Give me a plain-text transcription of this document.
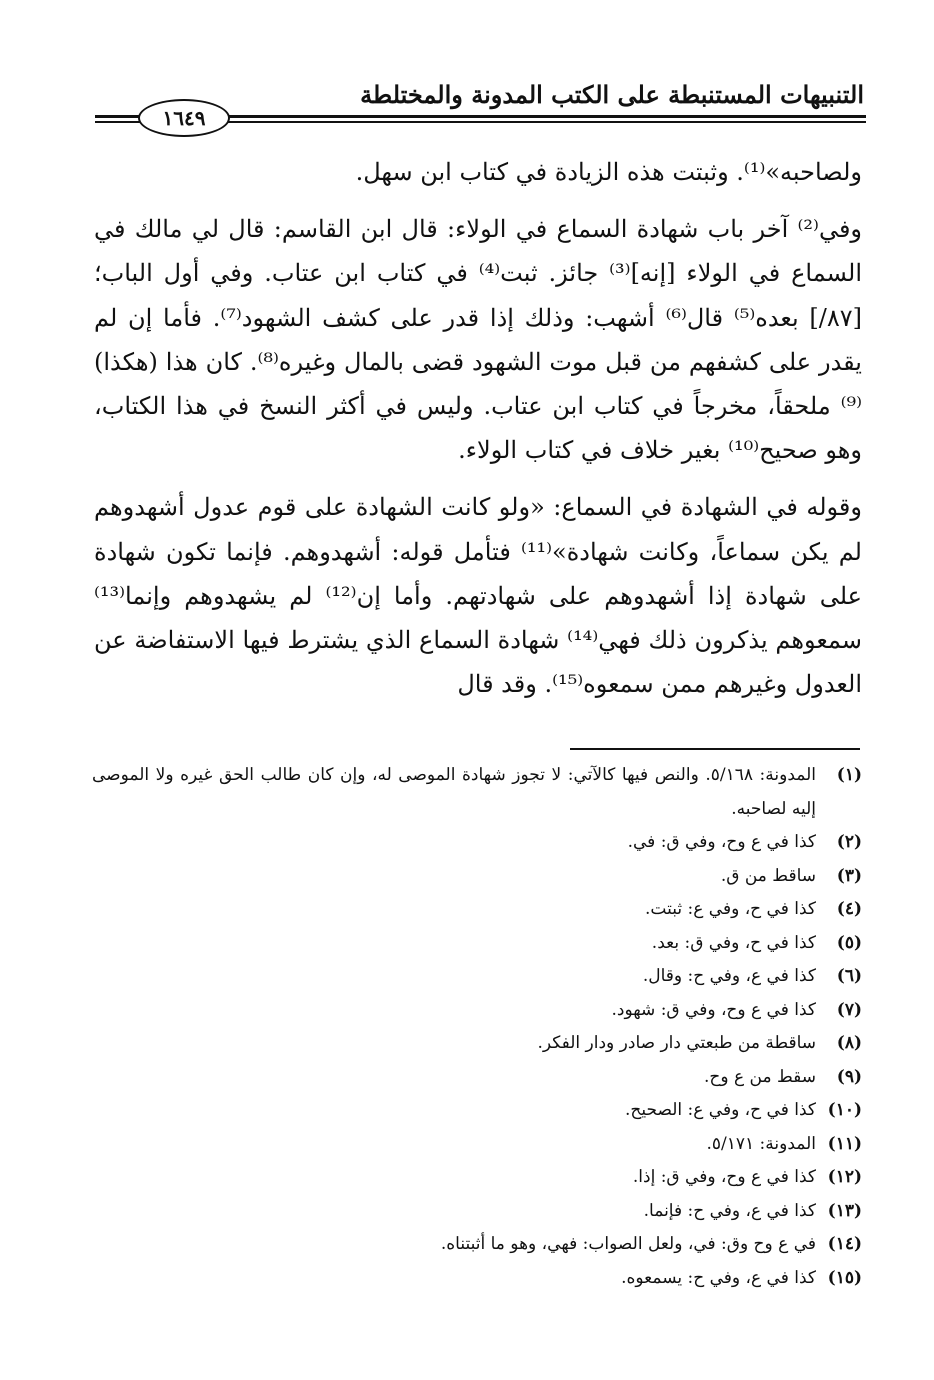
التنبيهات المستنبطة على الكتب المدونة والمختلطة
١٦٤٩

ولصاحبه»⁽¹⁾. وثبتت هذه الزيادة في كتاب ابن سهل.

وفي⁽²⁾ آخر باب شهادة السماع في الولاء: قال ابن القاسم: قال لي مالك في السماع في الولاء [إنه]⁽³⁾ جائز. ثبت⁽⁴⁾ في كتاب ابن عتاب. وفي أول الباب؛ [٨٧/] بعده⁽⁵⁾ قال⁽⁶⁾ أشهب: وذلك إذا قدر على كشف الشهود⁽⁷⁾. فأما إن لم يقدر على كشفهم من قبل موت الشهود قضى بالمال وغيره⁽⁸⁾. كان هذا (هكذا)⁽⁹⁾ ملحقاً، مخرجاً في كتاب ابن عتاب. وليس في أكثر النسخ في هذا الكتاب، وهو صحيح⁽¹⁰⁾ بغير خلاف في كتاب الولاء.

وقوله في الشهادة في السماع: «ولو كانت الشهادة على قوم عدول أشهدوهم لم يكن سماعاً، وكانت شهادة»⁽¹¹⁾ فتأمل قوله: أشهدوهم. فإنما تكون شهادة على شهادة إذا أشهدوهم على شهادتهم. وأما إن⁽¹²⁾ لم يشهدوهم وإنما⁽¹³⁾ سمعوهم يذكرون ذلك فهي⁽¹⁴⁾ شهادة السماع الذي يشترط فيها الاستفاضة عن العدول وغيرهم ممن سمعوه⁽¹⁵⁾. وقد قال

(١)
المدونة: ٥/١٦٨. والنص فيها كالآتي: لا تجوز شهادة الموصى له، وإن كان طالب الحق غيره ولا الموصى إليه لصاحبه.
(٢)
كذا في ع وح، وفي ق: في.
(٣)
ساقط من ق.
(٤)
كذا في ح، وفي ع: ثبتت.
(٥)
كذا في ح، وفي ق: بعد.
(٦)
كذا في ع، وفي ح: وقال.
(٧)
كذا في ع وح، وفي ق: شهود.
(٨)
ساقطة من طبعتي دار صادر ودار الفكر.
(٩)
سقط من ع وح.
(١٠)
كذا في ح، وفي ع: الصحيح.
(١١)
المدونة: ٥/١٧١.
(١٢)
كذا في ع وح، وفي ق: إذا.
(١٣)
كذا في ع، وفي ح: فإنما.
(١٤)
في ع وح وق: في، ولعل الصواب: فهي، وهو ما أثبتناه.
(١٥)
كذا في ع، وفي ح: يسمعوه.
